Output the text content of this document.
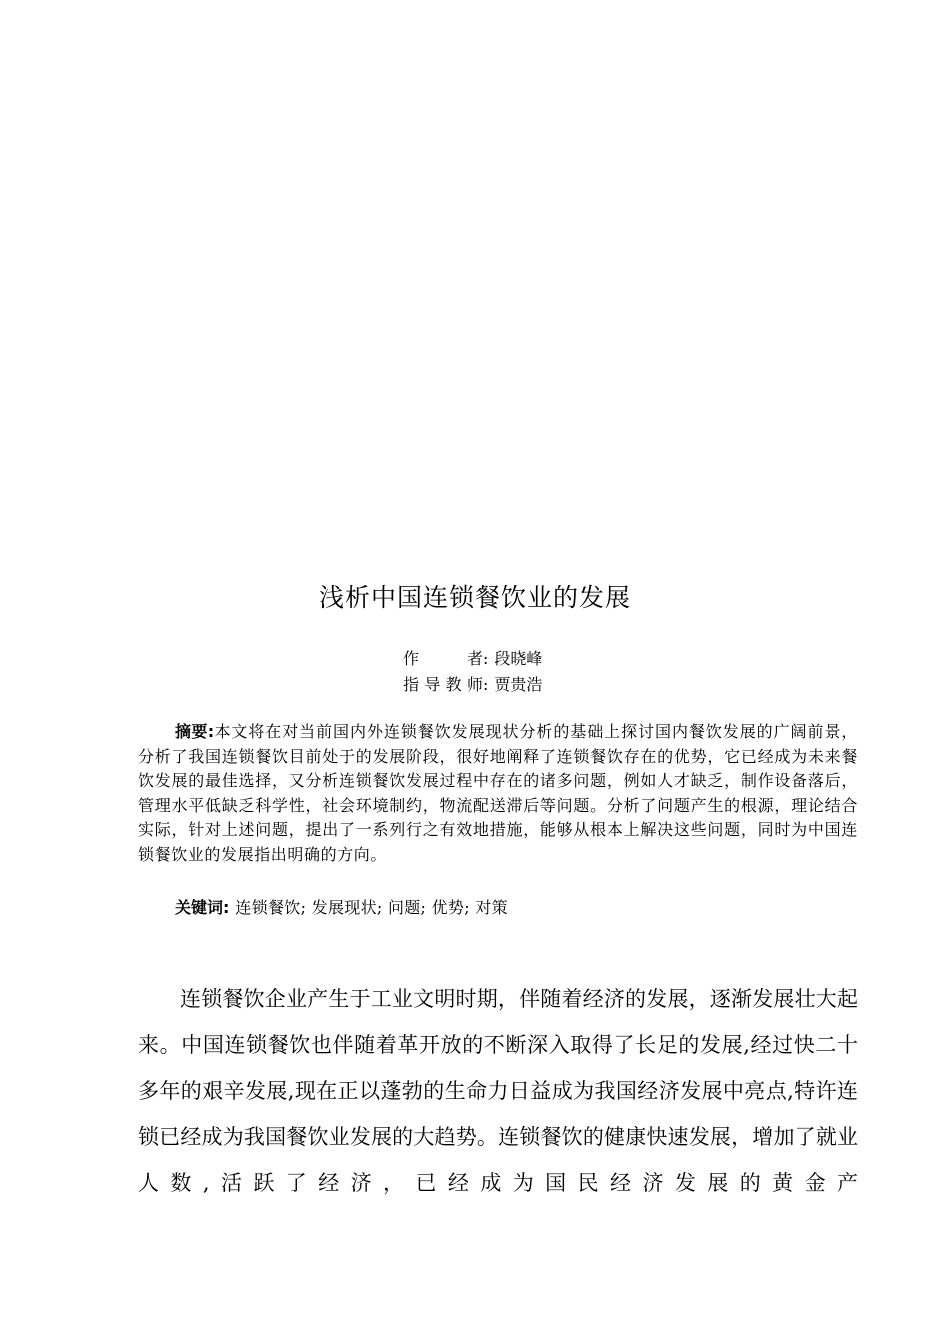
浅析中国连锁餐饮业的发展
作　　者: 段晓峰
指导教师: 贾贵浩

摘要:本文将在对当前国内外连锁餐饮发展现状分析的基础上探讨国内餐饮发展的广阔前景，分析了我国连锁餐饮目前处于的发展阶段，很好地阐释了连锁餐饮存在的优势，它已经成为未来餐饮发展的最佳选择，又分析连锁餐饮发展过程中存在的诸多问题，例如人才缺乏，制作设备落后，管理水平低缺乏科学性，社会环境制约，物流配送滞后等问题。分析了问题产生的根源，理论结合实际，针对上述问题，提出了一系列行之有效地措施，能够从根本上解决这些问题，同时为中国连锁餐饮业的发展指出明确的方向。

关键词: 连锁餐饮; 发展现状; 问题; 优势; 对策

连锁餐饮企业产生于工业文明时期，伴随着经济的发展，逐渐发展壮大起来。中国连锁餐饮也伴随着革开放的不断深入取得了长足的发展,经过快二十多年的艰辛发展,现在正以蓬勃的生命力日益成为我国经济发展中亮点,特许连锁已经成为我国餐饮业发展的大趋势。连锁餐饮的健康快速发展，增加了就业人数,活跃了经济，已经成为国民经济发展的黄金产
